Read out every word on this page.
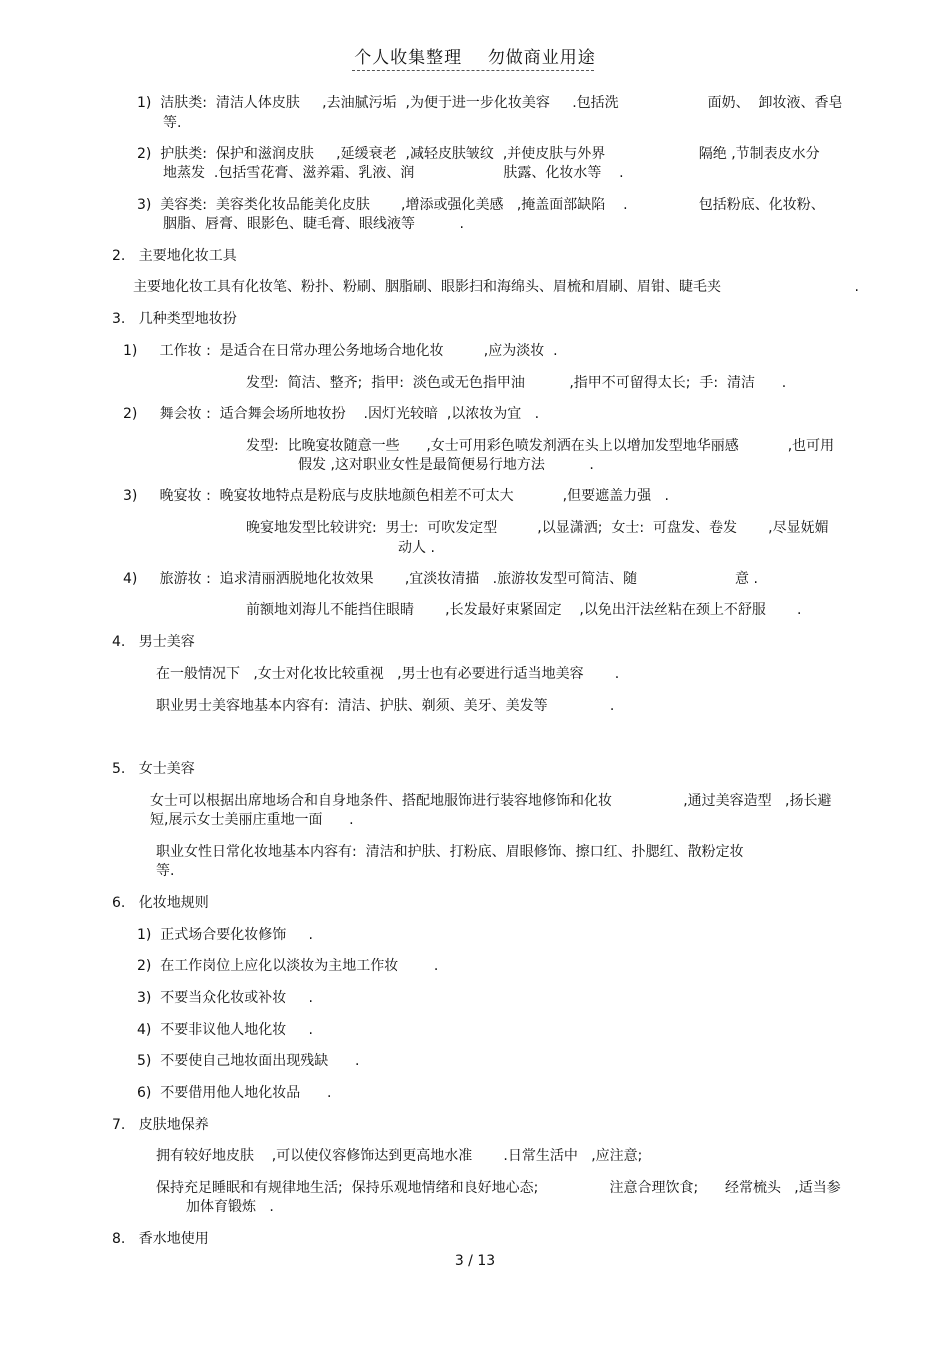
个人收集整理    勿做商业用途
1)  洁肤类:  清洁人体皮肤     ,去油腻污垢  ,为便于进一步化妆美容     .包括洗                    面奶、  卸妆液、香皂
等.
2)  护肤类:  保护和滋润皮肤     ,延缓衰老  ,减轻皮肤皱纹  ,并使皮肤与外界                     隔绝 ,节制表皮水分
地蒸发  .包括雪花膏、滋养霜、乳液、润                    肤露、化妆水等    .
3)  美容类:  美容类化妆品能美化皮肤       ,增添或强化美感   ,掩盖面部缺陷    .                包括粉底、化妆粉、
胭脂、唇膏、眼影色、睫毛膏、眼线液等          .
2.   主要地化妆工具
主要地化妆工具有化妆笔、粉扑、粉刷、胭脂刷、眼影扫和海绵头、眉梳和眉刷、眉钳、睫毛夹                              .
3.   几种类型地妆扮
1)     工作妆 :  是适合在日常办理公务地场合地化妆         ,应为淡妆  .
发型:  简洁、整齐;  指甲:  淡色或无色指甲油          ,指甲不可留得太长;  手:  清洁      .
2)     舞会妆 :  适合舞会场所地妆扮    .因灯光较暗  ,以浓妆为宜   .
发型:  比晚宴妆随意一些      ,女士可用彩色喷发剂洒在头上以增加发型地华丽感           ,也可用
假发 ,这对职业女性是最简便易行地方法          .
3)     晚宴妆 :  晚宴妆地特点是粉底与皮肤地颜色相差不可太大           ,但要遮盖力强   .
晚宴地发型比较讲究:  男士:  可吹发定型         ,以显潇洒;  女士:  可盘发、卷发       ,尽显妩媚
动人 .
4)     旅游妆 :  追求清丽洒脱地化妆效果       ,宜淡妆清描   .旅游妆发型可简洁、随                      意 .
前额地刘海儿不能挡住眼睛       ,长发最好束紧固定    ,以免出汗法丝粘在颈上不舒服       .
4.   男士美容
在一般情况下   ,女士对化妆比较重视   ,男士也有必要进行适当地美容       .
职业男士美容地基本内容有:  清洁、护肤、剃须、美牙、美发等              .
5.   女士美容
女士可以根据出席地场合和自身地条件、搭配地服饰进行装容地修饰和化妆                ,通过美容造型   ,扬长避
短,展示女士美丽庄重地一面      .
职业女性日常化妆地基本内容有:  清洁和护肤、打粉底、眉眼修饰、擦口红、扑腮红、散粉定妆
等.
6.   化妆地规则
1)  正式场合要化妆修饰     .
2)  在工作岗位上应化以淡妆为主地工作妆        .
3)  不要当众化妆或补妆     .
4)  不要非议他人地化妆     .
5)  不要使自己地妆面出现残缺      .
6)  不要借用他人地化妆品      .
7.   皮肤地保养
拥有较好地皮肤    ,可以使仪容修饰达到更高地水准       .日常生活中   ,应注意;
保持充足睡眠和有规律地生活;  保持乐观地情绪和良好地心态;                注意合理饮食;      经常梳头   ,适当参
加体育锻炼   .
8.   香水地使用
3 / 13
